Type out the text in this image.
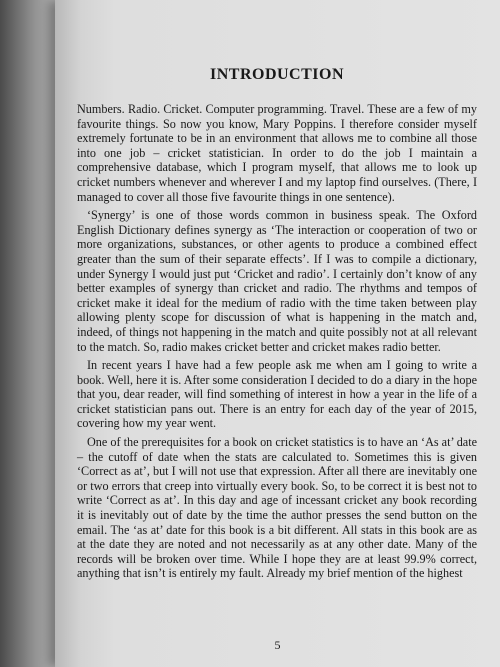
INTRODUCTION

Numbers. Radio. Cricket. Computer programming. Travel. These are a few of my favourite things. So now you know, Mary Poppins. I therefore consider myself extremely fortunate to be in an environment that allows me to combine all those into one job – cricket statistician. In order to do the job I maintain a comprehensive database, which I program myself, that allows me to look up cricket numbers whenever and wherever I and my laptop find ourselves. (There, I managed to cover all those five favourite things in one sentence).

‘Synergy’ is one of those words common in business speak. The Oxford English Dictionary defines synergy as ‘The interaction or cooperation of two or more organizations, substances, or other agents to produce a combined effect greater than the sum of their separate effects’. If I was to compile a dictionary, under Synergy I would just put ‘Cricket and radio’. I certainly don’t know of any better examples of synergy than cricket and radio. The rhythms and tempos of cricket make it ideal for the medium of radio with the time taken between play allowing plenty scope for discussion of what is happening in the match and, indeed, of things not happening in the match and quite possibly not at all relevant to the match. So, radio makes cricket better and cricket makes radio better.

In recent years I have had a few people ask me when am I going to write a book. Well, here it is. After some consideration I decided to do a diary in the hope that you, dear reader, will find something of interest in how a year in the life of a cricket statistician pans out. There is an entry for each day of the year of 2015, covering how my year went.

One of the prerequisites for a book on cricket statistics is to have an ‘As at’ date – the cutoff of date when the stats are calculated to. Sometimes this is given ‘Correct as at’, but I will not use that expression. After all there are inevitably one or two errors that creep into virtually every book. So, to be correct it is best not to write ‘Correct as at’. In this day and age of incessant cricket any book recording it is inevitably out of date by the time the author presses the send button on the email. The ‘as at’ date for this book is a bit different. All stats in this book are as at the date they are noted and not necessarily as at any other date. Many of the records will be broken over time. While I hope they are at least 99.9% correct, anything that isn’t is entirely my fault. Already my brief mention of the highest

5
